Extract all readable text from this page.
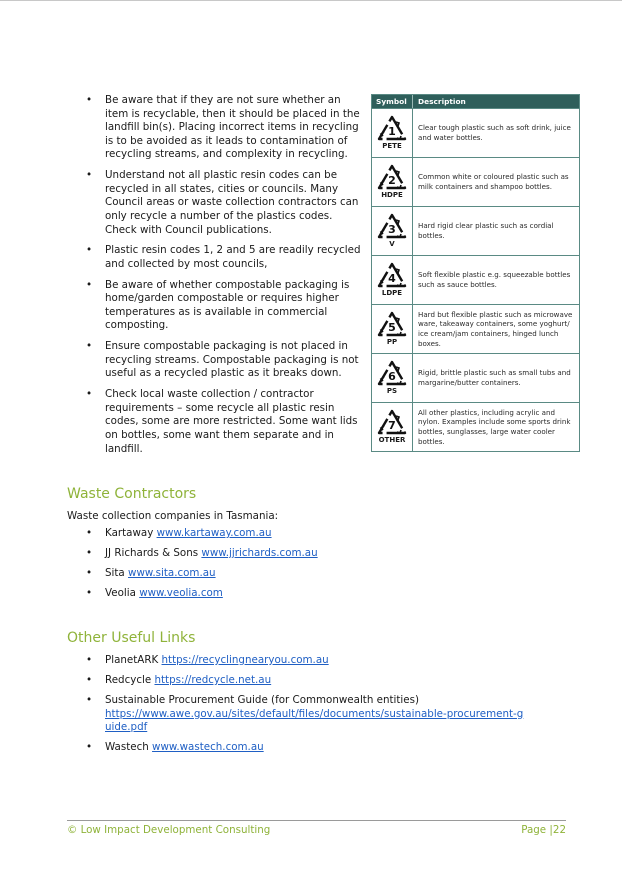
• Be aware that if they are not sure whether an item is recyclable, then it should be placed in the landfill bin(s). Placing incorrect items in recycling is to be avoided as it leads to contamination of recycling streams, and complexity in recycling.
• Understand not all plastic resin codes can be recycled in all states, cities or councils. Many Council areas or waste collection contractors can only recycle a number of the plastics codes. Check with Council publications.
• Plastic resin codes 1, 2 and 5 are readily recycled and collected by most councils,
• Be aware of whether compostable packaging is home/garden compostable or requires higher temperatures as is available in commercial composting.
• Ensure compostable packaging is not placed in recycling streams. Compostable packaging is not useful as a recycled plastic as it breaks down.
• Check local waste collection / contractor requirements – some recycle all plastic resin codes, some are more restricted. Some want lids on bottles, some want them separate and in landfill.
Symbol	Description
1
PETE
Clear tough plastic such as soft drink, juice and water bottles.
2
HDPE
Common white or coloured plastic such as milk containers and shampoo bottles.
3
V
Hard rigid clear plastic such as cordial bottles.
4
LDPE
Soft flexible plastic e.g. squeezable bottles such as sauce bottles.
5
PP
Hard but flexible plastic such as microwave ware, takeaway containers, some yoghurt/ ice cream/jam containers, hinged lunch boxes.
6
PS
Rigid, brittle plastic such as small tubs and margarine/butter containers.
7
OTHER
All other plastics, including acrylic and nylon. Examples include some sports drink bottles, sunglasses, large water cooler bottles.
Waste Contractors
Waste collection companies in Tasmania:
• Kartaway www.kartaway.com.au
• JJ Richards & Sons www.jjrichards.com.au
• Sita www.sita.com.au
• Veolia www.veolia.com
Other Useful Links
• PlanetARK https://recyclingnearyou.com.au
• Redcycle https://redcycle.net.au
• Sustainable Procurement Guide (for Commonwealth entities)
https://www.awe.gov.au/sites/default/files/documents/sustainable-procurement-guide.pdf
• Wastech www.wastech.com.au
© Low Impact Development Consulting	Page |22
